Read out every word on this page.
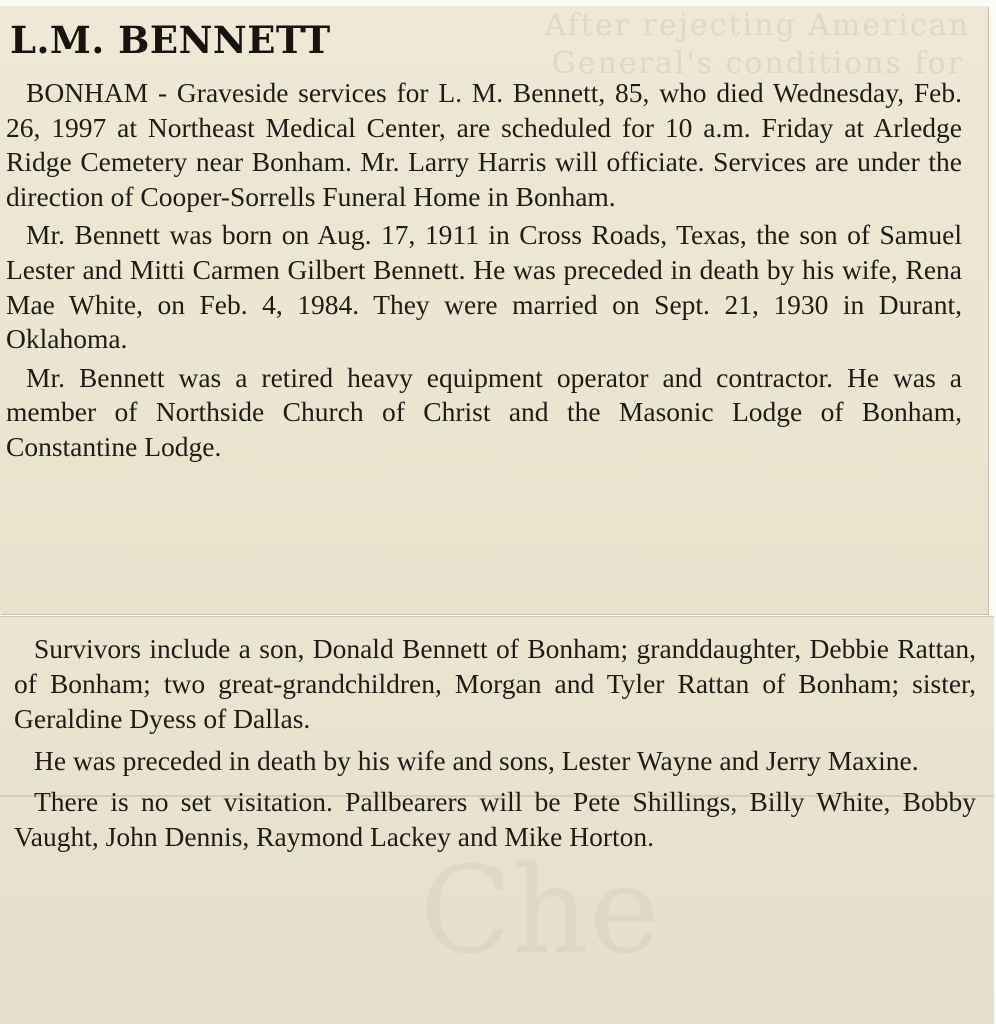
After rejecting American
General's conditions for
L.M. BENNETT

BONHAM - Graveside services for L. M. Bennett, 85, who died Wednesday, Feb. 26, 1997 at Northeast Medical Center, are scheduled for 10 a.m. Friday at Arledge Ridge Cemetery near Bonham. Mr. Larry Harris will officiate. Services are under the direction of Cooper-Sorrells Funeral Home in Bonham.

Mr. Bennett was born on Aug. 17, 1911 in Cross Roads, Texas, the son of Samuel Lester and Mitti Carmen Gilbert Bennett. He was preceded in death by his wife, Rena Mae White, on Feb. 4, 1984. They were married on Sept. 21, 1930 in Durant, Oklahoma.

Mr. Bennett was a retired heavy equipment operator and contractor. He was a member of Northside Church of Christ and the Masonic Lodge of Bonham, Constantine Lodge.

Che

Survivors include a son, Donald Bennett of Bonham; granddaughter, Debbie Rattan, of Bonham; two great-grandchildren, Morgan and Tyler Rattan of Bonham; sister, Geraldine Dyess of Dallas.

He was preceded in death by his wife and sons, Lester Wayne and Jerry Maxine.

There is no set visitation. Pallbearers will be Pete Shillings, Billy White, Bobby Vaught, John Dennis, Raymond Lackey and Mike Horton.
